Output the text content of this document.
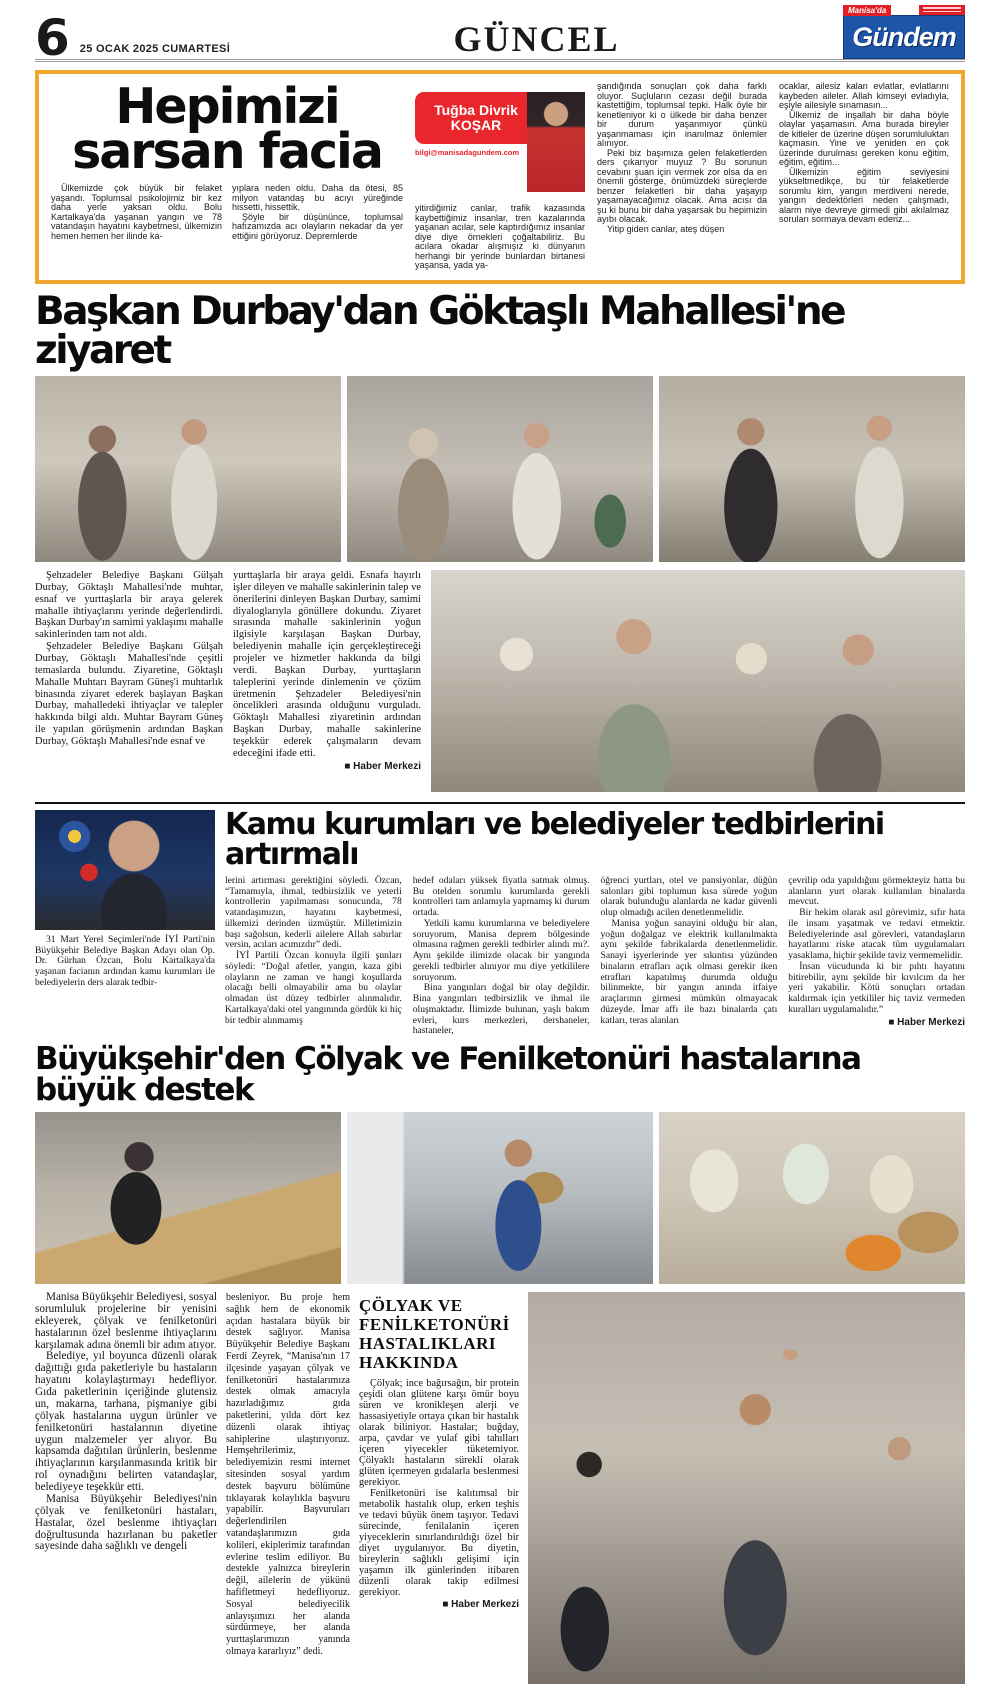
6 25 OCAK 2025 CUMARTESİ	GÜNCEL
Manisa'da
Gündem
Hepimizi
sarsan facia

Ülkemizde çok büyük bir felaket yaşandı. Toplumsal psikolojimiz bir kez daha yerle yaksan oldu. Bolu Kartalkaya'da yaşanan yangın ve 78 vatandaşın hayatını kaybetmesi, ülkemizin hemen hemen her ilinde ka-

yıplara neden oldu. Daha da ötesi, 85 milyon vatandaş bu acıyı yüreğinde hissetti, hissettik.

Şöyle bir düşününce, toplumsal hafızamızda acı olayların nekadar da yer ettiğini görüyoruz. Depremlerde

Tuğba Divrik
KOŞAR
bilgi@manisadagundem.com

yitirdiğimiz canlar, trafik kazasında kaybettiğimiz insanlar, tren kazalarında yaşanan acılar, sele kaptırdığımız insanlar diye diye örnekleri çoğaltabiliriz. Bu acılara okadar alışmışız ki dünyanın herhangi bir yerinde bunlardan birtanesi yaşansa, yada ya-

şandığında sonuçları çok daha farklı oluyor. Suçluların cezası değil burada kastettiğim, toplumsal tepki. Halk öyle bir kenetleniyor ki o ülkede bir daha benzer bir durum yaşanmıyor çünkü yaşanmaması için inanılmaz önlemler alınıyor.

Peki biz başımıza gelen felaketlerden ders çıkarıyor muyuz ? Bu sorunun cevabını şuan için vermek zor olsa da en önemli gösterge, önümüzdeki süreçlerde benzer felaketleri bir daha yaşayıp yaşamayacağımız olacak. Ama acısı da şu ki bunu bir daha yaşarsak bu hepimizin ayıbı olacak.

Yitip giden canlar, ateş düşen

ocaklar, ailesiz kalan evlatlar, evlatlarını kaybeden aileler. Allah kimseyi evladıyla, eşiyle ailesiyle sınamasın...

Ülkemiz de inşallah bir daha böyle olaylar yaşamasın. Ama burada bireyler de kitleler de üzerine düşen sorumluluktan kaçmasın. Yine ve yeniden en çok üzerinde durulması gereken konu eğitim, eğitim, eğitim...

Ülkemizin eğitim seviyesini yükseltmedikçe, bu tür felaketlerde sorumlu kim, yangın merdiveni nerede, yangın dedektörleri neden çalışmadı, alarm niye devreye girmedi gibi akılalmaz soruları sormaya devam ederiz...

Başkan Durbay'dan Göktaşlı Mahallesi'ne ziyaret

Şehzadeler Belediye Başkanı Gülşah Durbay, Göktaşlı Mahallesi'nde muhtar, esnaf ve yurttaşlarla bir araya gelerek mahalle ihtiyaçlarını yerinde değerlendirdi. Başkan Durbay'ın samimi yaklaşımı mahalle sakinlerinden tam not aldı.

Şehzadeler Belediye Başkanı Gülşah Durbay, Göktaşlı Mahallesi'nde çeşitli temaslarda bulundu. Ziyaretine, Göktaşlı Mahalle Muhtarı Bayram Güneş'i muhtarlık binasında ziyaret ederek başlayan Başkan Durbay, mahalledeki ihtiyaçlar ve talepler hakkında bilgi aldı. Muhtar Bayram Güneş ile yapılan görüşmenin ardından Başkan Durbay, Göktaşlı Mahallesi'nde esnaf ve

yurttaşlarla bir araya geldi. Esnafa hayırlı işler dileyen ve mahalle sakinlerinin talep ve önerilerini dinleyen Başkan Durbay, samimi diyaloglarıyla gönüllere dokundu. Ziyaret sırasında mahalle sakinlerinin yoğun ilgisiyle karşılaşan Başkan Durbay, belediyenin mahalle için gerçekleştireceği projeler ve hizmetler hakkında da bilgi verdi. Başkan Durbay, yurttaşların taleplerini yerinde dinlemenin ve çözüm üretmenin Şehzadeler Belediyesi'nin öncelikleri arasında olduğunu vurguladı. Göktaşlı Mahallesi ziyaretinin ardından Başkan Durbay, mahalle sakinlerine teşekkür ederek çalışmaların devam edeceğini ifade etti.

■ Haber Merkezi

31 Mart Yerel Seçimleri'nde İYİ Parti'nin Büyükşehir Belediye Başkan Adayı olan Op. Dr. Gürhan Özcan, Bolu Kartalkaya'da yaşanan facianın ardından kamu kurumları ile belediyelerin ders alarak tedbir-

Kamu kurumları ve belediyeler tedbirlerini artırmalı

lerini artırması gerektiğini söyledi. Özcan, “Tamamıyla, ihmal, tedbirsizlik ve yeterli kontrollerin yapılmaması sonucunda, 78 vatandaşımızın, hayatını kaybetmesi, ülkemizi derinden üzmüştür. Milletimizin başı sağolsun, kederli ailelere Allah sabırlar versin, acıları acımızdır” dedi.

İYİ Partili Özcan konuyla ilgili şunları söyledi: “Doğal afetler, yangın, kaza gibi olayların ne zaman ve hangi koşullarda olacağı belli olmayabilir ama bu olaylar olmadan üst düzey tedbirler alınmalıdır. Kartalkaya'daki otel yangınında gördük ki hiç bir tedbir alınmamış

hedef odaları yüksek fiyatla satmak olmuş. Bu otelden sorumlu kurumlarda gerekli kontrolleri tam anlamıyla yapmamış ki durum ortada.

Yetkili kamu kurumlarına ve belediyelere soruyorum, Manisa deprem bölgesinde olmasına rağmen gerekli tedbirler alındı mı?. Aynı şekilde ilimizde olacak bir yangında gerekli tedbirler alınıyor mu diye yetkililere soruyorum.

Bina yangınları doğal bir olay değildir. Bina yangınları tedbirsizlik ve ihmal ile oluşmaktadır. İlimizde bulunan, yaşlı bakım evleri, kurs merkezleri, dershaneler, hastaneler,

öğrenci yurtları, otel ve pansiyonlar, düğün salonları gibi toplumun kısa sürede yoğun olarak bulunduğu alanlarda ne kadar güvenli olup olmadığı acilen denetlenmelidir.

Manisa yoğun sanayini olduğu bir alan, yoğun doğalgaz ve elektrik kullanılmakta aynı şekilde fabrikalarda denetlenmelidir. Sanayi işyerlerinde yer sıkıntısı yüzünden binaların etrafları açık olması gerekir iken etrafları kapatılmış durumda olduğu bilinmekte, bir yangın anında itfaiye araçlarının girmesi mümkün olmayacak düzeyde. İmar affı ile bazı binalarda çatı katları, teras alanları

çevrilip oda yapıldığını görmekteyiz hatta bu alanların yurt olarak kullanılan binalarda mevcut.

Bir hekim olarak asıl görevimiz, sıfır hata ile insanı yaşatmak ve tedavi etmektir. Belediyelerinde asıl görevleri, vatandaşların hayatlarını riske atacak tüm uygulamaları yasaklama, hiçbir şekilde taviz vermemelidir.

İnsan vücudunda ki bir pıhtı hayatını bitirebilir, aynı şekilde bir kıvılcım da her yeri yakabilir. Kötü sonuçları ortadan kaldırmak için yetkililer hiç taviz vermeden kuralları uygulamalıdır.”

■ Haber Merkezi
Büyükşehir'den Çölyak ve Fenilketonüri hastalarına büyük destek

Manisa Büyükşehir Belediyesi, sosyal sorumluluk projelerine bir yenisini ekleyerek, çölyak ve fenilketonüri hastalarının özel beslenme ihtiyaçlarını karşılamak adına önemli bir adım atıyor.

Belediye, yıl boyunca düzenli olarak dağıttığı gıda paketleriyle bu hastaların hayatını kolaylaştırmayı hedefliyor. Gıda paketlerinin içeriğinde glutensiz un, makarna, tarhana, pişmaniye gibi çölyak hastalarına uygun ürünler ve fenilketonüri hastalarının diyetine uygun malzemeler yer alıyor. Bu kapsamda dağıtılan ürünlerin, beslenme ihtiyaçlarının karşılanmasında kritik bir rol oynadığını belirten vatandaşlar, belediyeye teşekkür etti.

Manisa Büyükşehir Belediyesi'nin çölyak ve fenilketonüri hastaları, Hastalar, özel beslenme ihtiyaçları doğrultusunda hazırlanan bu paketler sayesinde daha sağlıklı ve dengeli

besleniyor. Bu proje hem sağlık hem de ekonomik açıdan hastalara büyük bir destek sağlıyor. Manisa Büyükşehir Belediye Başkanı Ferdi Zeyrek, “Manisa'nın 17 ilçesinde yaşayan çölyak ve fenilketonüri hastalarımıza destek olmak amacıyla hazırladığımız gıda paketlerini, yılda dört kez düzenli olarak ihtiyaç sahiplerine ulaştırıyoruz. Hemşehrilerimiz, belediyemizin resmi internet sitesinden sosyal yardım destek başvuru bölümüne tıklayarak kolaylıkla başvuru yapabilir. Başvuruları değerlendirilen vatandaşlarımızın gıda kolileri, ekiplerimiz tarafından evlerine teslim ediliyor. Bu destekle yalnızca bireylerin değil, ailelerin de yükünü hafifletmeyi hedefliyoruz. Sosyal belediyecilik anlayışımızı her alanda sürdürmeye, her alanda yurttaşlarımızın yanında olmaya kararlıyız” dedi.

ÇÖLYAK VE FENİLKETONÜRİ HASTALIKLARI HAKKINDA

Çölyak; ince bağırsağın, bir protein çeşidi olan glütene karşı ömür boyu süren ve kronikleşen alerji ve hassasiyetiyle ortaya çıkan bir hastalık olarak biliniyor. Hastalar; buğday, arpa, çavdar ve yulaf gibi tahılları içeren yiyecekler tüketemiyor. Çölyaklı hastaların sürekli olarak glüten içermeyen gıdalarla beslenmesi gerekiyor.

Fenilketonüri ise kalıtımsal bir metabolik hastalık olup, erken teşhis ve tedavi büyük önem taşıyor. Tedavi sürecinde, fenilalanin içeren yiyeceklerin sınırlandırıldığı özel bir diyet uygulanıyor. Bu diyetin, bireylerin sağlıklı gelişimi için yaşamın ilk günlerinden itibaren düzenli olarak takip edilmesi gerekiyor.

■ Haber Merkezi
